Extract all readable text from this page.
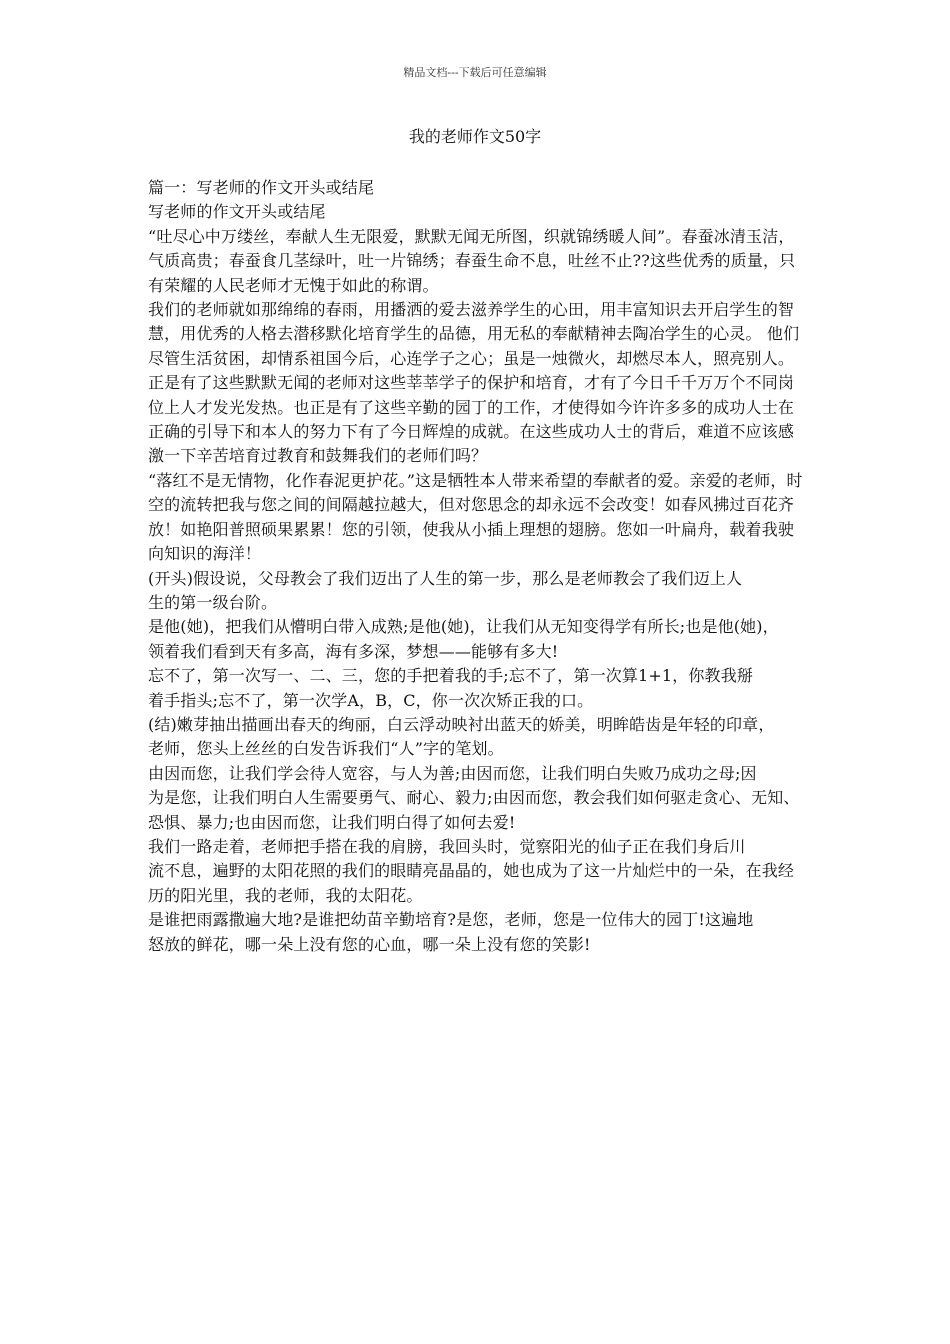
精品文档---下载后可任意编辑
我的老师作文50字

篇一：写老师的作文开头或结尾

写老师的作文开头或结尾

“吐尽心中万缕丝，奉献人生无限爱，默默无闻无所图，织就锦绣暖人间”。春蚕冰清玉洁，气质高贵；春蚕食几茎绿叶，吐一片锦绣；春蚕生命不息，吐丝不止??这些优秀的质量，只有荣耀的人民老师才无愧于如此的称谓。

我们的老师就如那绵绵的春雨，用播洒的爱去滋养学生的心田，用丰富知识去开启学生的智

慧，用优秀的人格去潜移默化培育学生的品德，用无私的奉献精神去陶冶学生的心灵。 他们尽管生活贫困，却情系祖国今后，心连学子之心；虽是一烛微火，却燃尽本人，照亮别人。正是有了这些默默无闻的老师对这些莘莘学子的保护和培育，才有了今日千千万万个不同岗位上人才发光发热。也正是有了这些辛勤的园丁的工作，才使得如今许许多多的成功人士在正确的引导下和本人的努力下有了今日辉煌的成就。在这些成功人士的背后，难道不应该感激一下辛苦培育过教育和鼓舞我们的老师们吗？

“落红不是无情物，化作春泥更护花。”这是牺牲本人带来希望的奉献者的爱。亲爱的老师，时空的流转把我与您之间的间隔越拉越大，但对您思念的却永远不会改变！如春风拂过百花齐放！如艳阳普照硕果累累！您的引领，使我从小插上理想的翅膀。您如一叶扁舟，载着我驶向知识的海洋！

(开头)假设说，父母教会了我们迈出了人生的第一步，那么是老师教会了我们迈上人

生的第一级台阶。

是他(她)，把我们从懵明白带入成熟;是他(她)，让我们从无知变得学有所长;也是他(她)，

领着我们看到天有多高，海有多深，梦想——能够有多大!

忘不了，第一次写一、二、三，您的手把着我的手;忘不了，第一次算1+1，你教我掰

着手指头;忘不了，第一次学A，B，C，你一次次矫正我的口。

(结)嫩芽抽出描画出春天的绚丽，白云浮动映衬出蓝天的娇美，明眸皓齿是年轻的印章，

老师，您头上丝丝的白发告诉我们“人”字的笔划。

由因而您，让我们学会待人宽容，与人为善;由因而您，让我们明白失败乃成功之母;因

为是您，让我们明白人生需要勇气、耐心、毅力;由因而您，教会我们如何驱走贪心、无知、恐惧、暴力;也由因而您，让我们明白得了如何去爱!

我们一路走着，老师把手搭在我的肩膀，我回头时，觉察阳光的仙子正在我们身后川

流不息，遍野的太阳花照的我们的眼睛亮晶晶的，她也成为了这一片灿烂中的一朵，在我经历的阳光里，我的老师，我的太阳花。

是谁把雨露撒遍大地?是谁把幼苗辛勤培育?是您，老师，您是一位伟大的园丁!这遍地

怒放的鲜花，哪一朵上没有您的心血，哪一朵上没有您的笑影!
